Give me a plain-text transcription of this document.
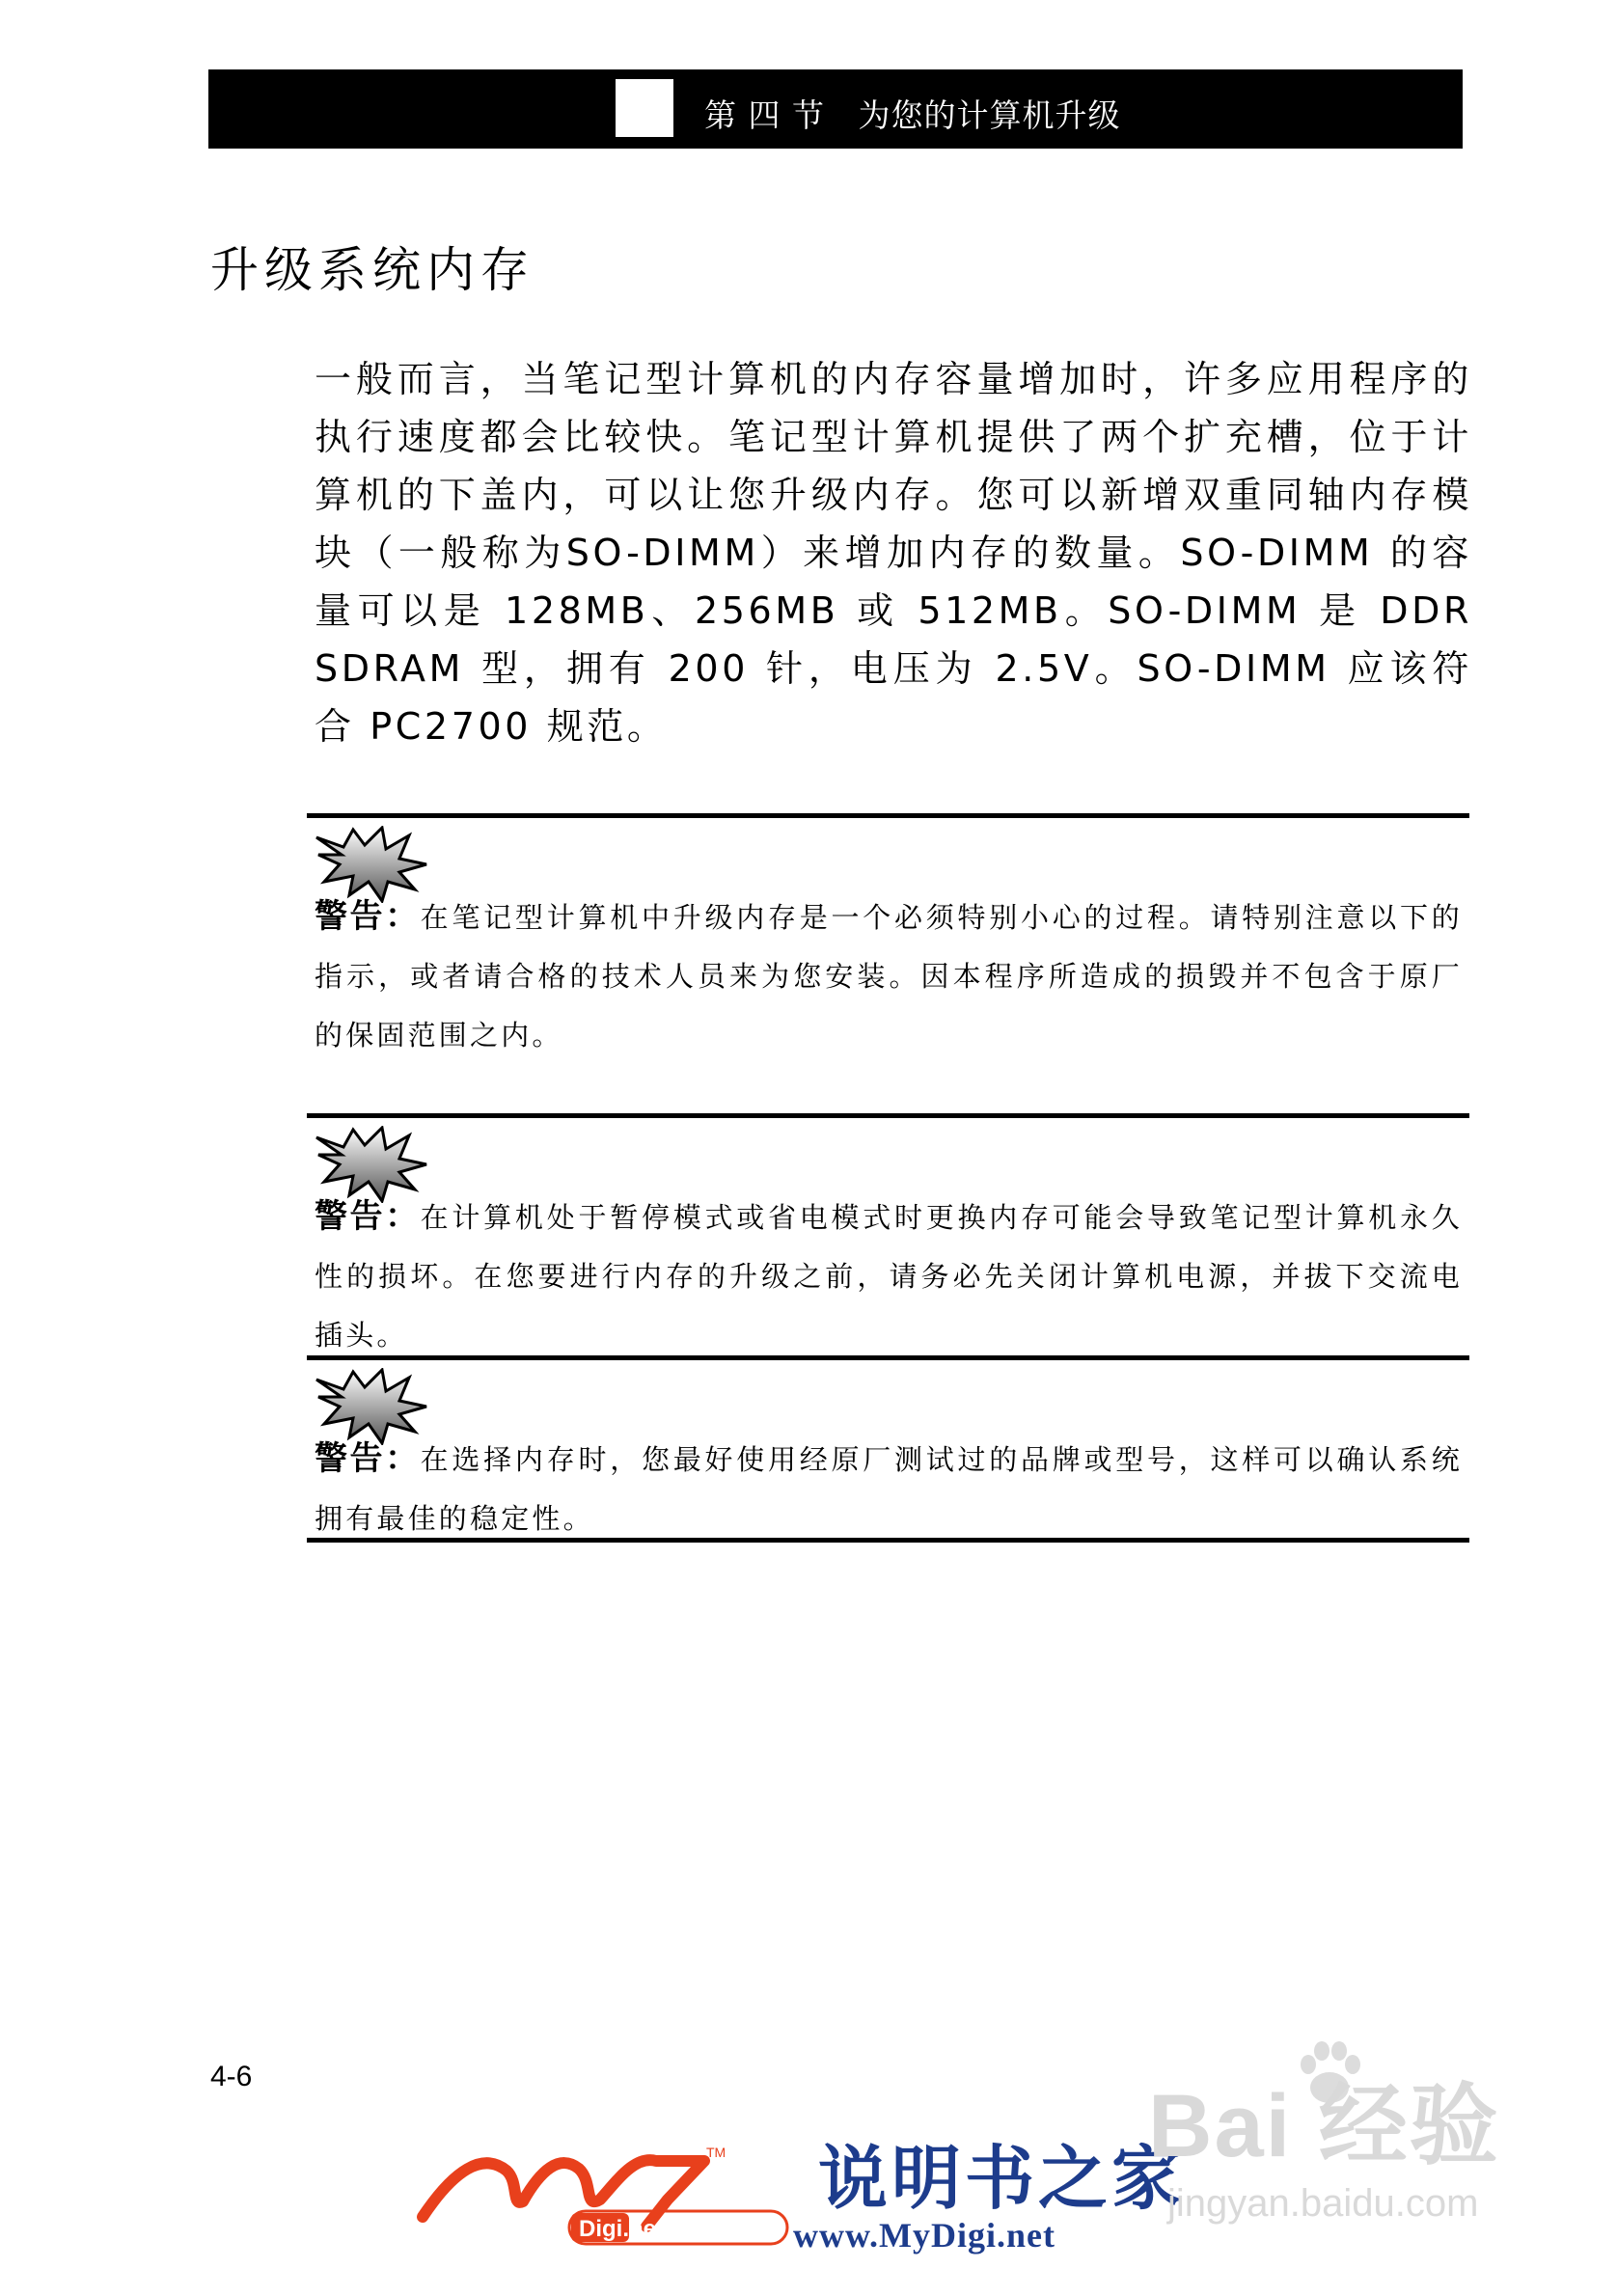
第 四 节 为您的计算机升级
升级系统内存
一般而言，当笔记型计算机的内存容量增加时，许多应用程序的执行速度都会比较快。笔记型计算机提供了两个扩充槽，位于计算机的下盖内，可以让您升级内存。您可以新增双重同轴内存模块（一般称为SO-DIMM）来增加内存的数量。SO-DIMM 的容量可以是 128MB、256MB 或 512MB。SO-DIMM 是 DDR SDRAM 型，拥有 200 针，电压为 2.5V。SO-DIMM 应该符合 PC2700 规范。
警告：在笔记型计算机中升级内存是一个必须特别小心的过程。请特别注意以下的指示，或者请合格的技术人员来为您安装。因本程序所造成的损毁并不包含于原厂的保固范围之内。
警告：在计算机处于暂停模式或省电模式时更换内存可能会导致笔记型计算机永久性的损坏。在您要进行内存的升级之前，请务必先关闭计算机电源，并拔下交流电插头。
警告：在选择内存时，您最好使用经原厂测试过的品牌或型号，这样可以确认系统拥有最佳的稳定性。
4-6
TM
Digi.net
说明书之家
www.MyDigi.net
Bai 经验
jingyan.baidu.com
